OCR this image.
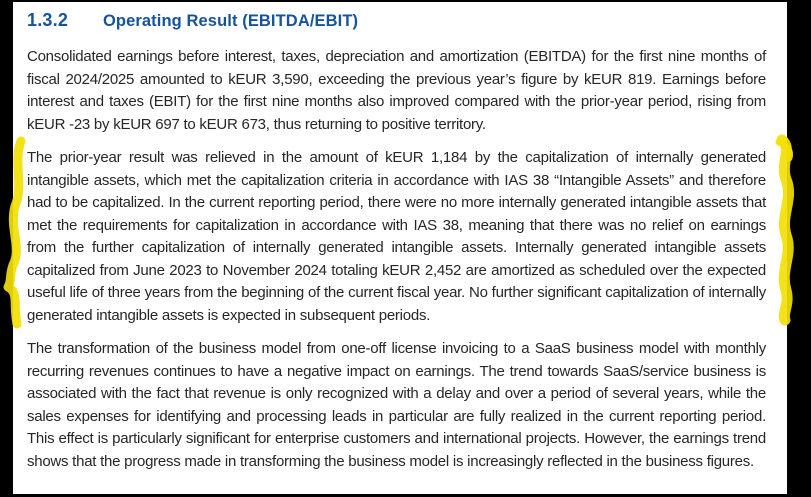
1.3.2	Operating Result (EBITDA/EBIT)

Consolidated earnings before interest, taxes, depreciation and amortization (EBITDA) for the first nine months of fiscal 2024/2025 amounted to kEUR 3,590, exceeding the previous year’s figure by kEUR 819. Earnings before interest and taxes (EBIT) for the first nine months also improved compared with the prior-year period, rising from kEUR -23 by kEUR 697 to kEUR 673, thus returning to positive territory.

The prior-year result was relieved in the amount of kEUR 1,184 by the capitalization of internally generated intangible assets, which met the capitalization criteria in accordance with IAS 38 “Intangible Assets” and therefore had to be capitalized. In the current reporting period, there were no more internally generated intangible assets that met the requirements for capitalization in accordance with IAS 38, meaning that there was no relief on earnings from the further capitalization of internally generated intangible assets. Internally generated intangible assets capitalized from June 2023 to November 2024 totaling kEUR 2,452 are amortized as scheduled over the expected useful life of three years from the beginning of the current fiscal year. No further significant capitalization of internally generated intangible assets is expected in subsequent periods.

The transformation of the business model from one-off license invoicing to a SaaS business model with monthly recurring revenues continues to have a negative impact on earnings. The trend towards SaaS/service business is associated with the fact that revenue is only recognized with a delay and over a period of several years, while the sales expenses for identifying and processing leads in particular are fully realized in the current reporting period. This effect is particularly significant for enterprise customers and international projects. However, the earnings trend shows that the progress made in transforming the business model is increasingly reflected in the business figures.
